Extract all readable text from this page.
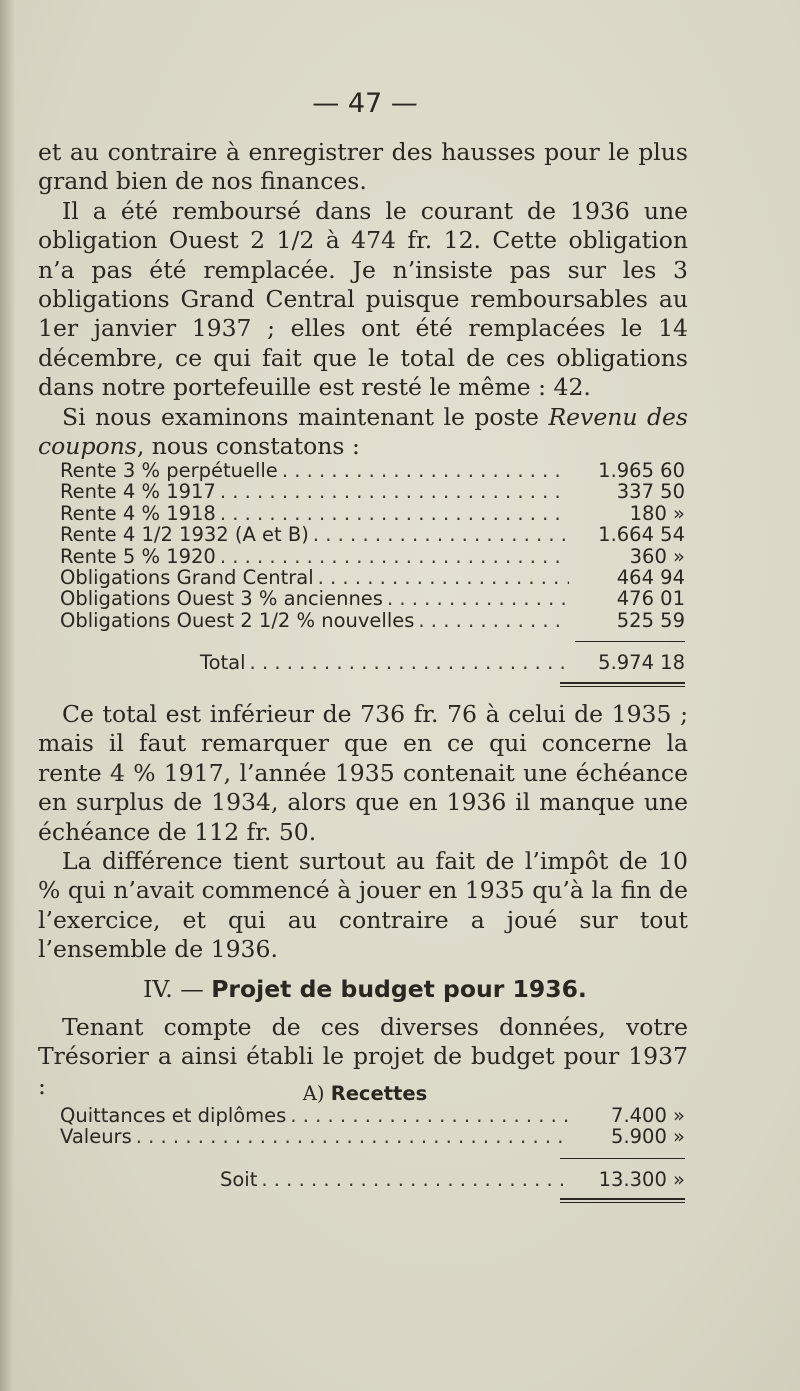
— 47 —

et au contraire à enregistrer des hausses pour le plus grand bien de nos finances.

Il a été remboursé dans le courant de 1936 une obligation Ouest 2 1/2 à 474 fr. 12. Cette obligation n’a pas été remplacée. Je n’insiste pas sur les 3 obligations Grand Central puisque remboursables au 1er janvier 1937 ; elles ont été remplacées le 14 décembre, ce qui fait que le total de ces obligations dans notre portefeuille est resté le même : 42.

Si nous examinons maintenant le poste Revenu des coupons, nous constatons :

Rente 3 % perpétuelle . . .	1.965 60
Rente 4 % 1917 . . .	337 50
Rente 4 % 1918 . . .	180 »
Rente 4 1/2 1932 (A et B) . . .	1.664 54
Rente 5 % 1920 . . .	360 »
Obligations Grand Central . . .	464 94
Obligations Ouest 3 % anciennes . . .	476 01
Obligations Ouest 2 1/2 % nouvelles . . .	525 59
Total . . .	5.974 18

Ce total est inférieur de 736 fr. 76 à celui de 1935 ; mais il faut remarquer que en ce qui concerne la rente 4 % 1917, l’année 1935 contenait une échéance en surplus de 1934, alors que en 1936 il manque une échéance de 112 fr. 50.

La différence tient surtout au fait de l’impôt de 10 % qui n’avait commencé à jouer en 1935 qu’à la fin de l’exercice, et qui au contraire a joué sur tout l’ensemble de 1936.

IV. — Projet de budget pour 1936.

Tenant compte de ces diverses données, votre Trésorier a ainsi établi le projet de budget pour 1937 :	A) Recettes
Quittances et diplômes . . .	7.400 »
Valeurs . . .	5.900 »
Soit . . .	13.300 »
